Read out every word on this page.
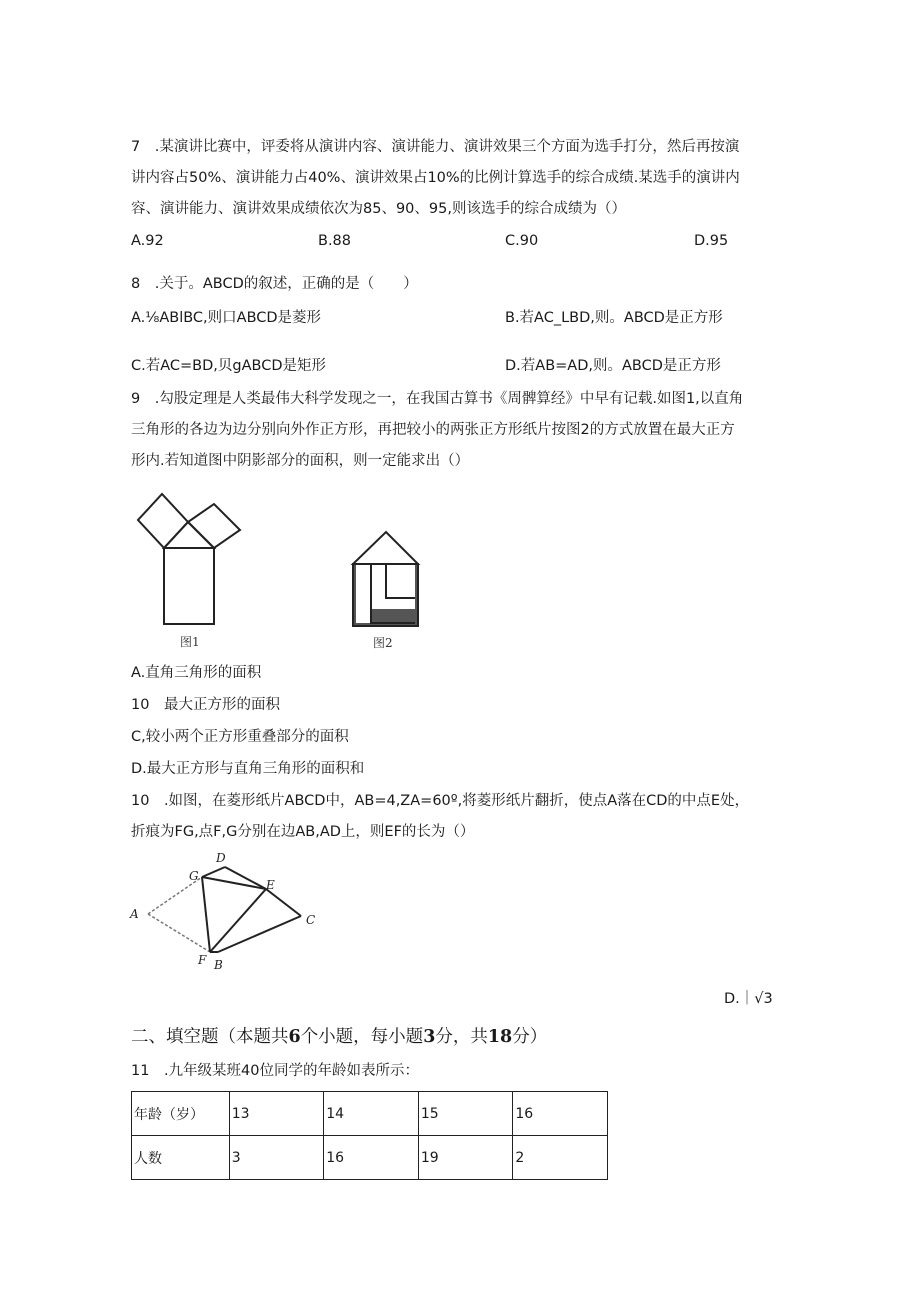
7　.某演讲比赛中，评委将从演讲内容、演讲能力、演讲效果三个方面为选手打分，然后再按演
讲内容占50%、演讲能力占40%、演讲效果占10%的比例计算选手的综合成绩.某选手的演讲内
容、演讲能力、演讲效果成绩依次为85、90、95,则该选手的综合成绩为（）
A.92	B.88	C.90	D.95
8　.关于。ABCD的叙述，正确的是（　　）
A.⅛ABlBC,则口ABCD是菱形	B.若AC_LBD,则。ABCD是正方形
C.若AC=BD,贝gABCD是矩形	D.若AB=AD,则。ABCD是正方形
9　.勾股定理是人类最伟大科学发现之一，在我国古算书《周髀算经》中早有记载.如图1,以直角
三角形的各边为边分别向外作正方形，再把较小的两张正方形纸片按图2的方式放置在最大正方
形内.若知道图中阴影部分的面积，则一定能求出（）
图1	图2
A.直角三角形的面积
10　最大正方形的面积
C,较小两个正方形重叠部分的面积
D.最大正方形与直角三角形的面积和
10　.如图，在菱形纸片ABCD中，AB=4,ZA=60º,将菱形纸片翻折，使点A落在CD的中点E处，
折痕为FG,点F,G分别在边AB,AD上，则EF的长为（）
A
D
G
E
C
F B
D.｜√3
二、填空题（本题共6个小题，每小题3分，共18分）
11　.九年级某班40位同学的年龄如表所示：
年龄（岁）	13	14	15	16
人数	3	16	19	2
